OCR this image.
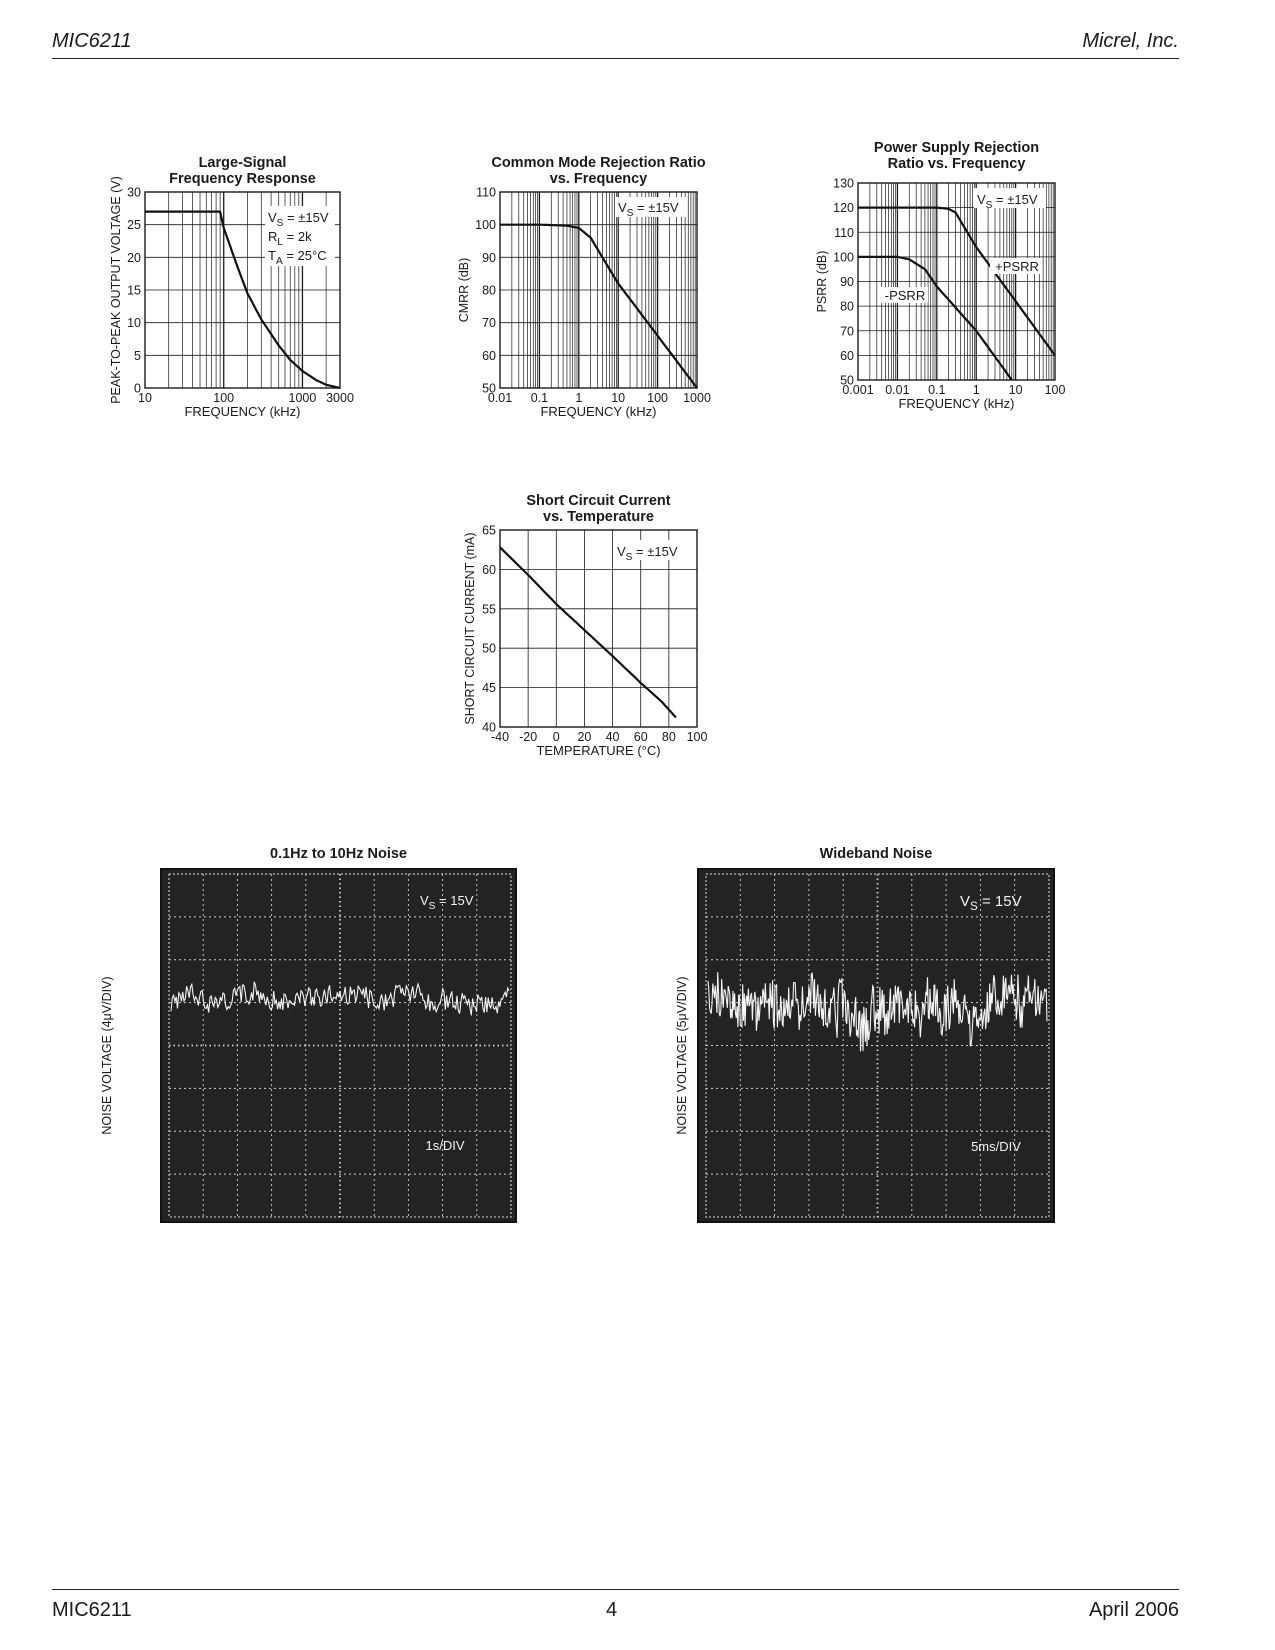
MIC6211	Micrel, Inc.
Large-Signal
Frequency Response
0
5
10
15
20
25
30
10	100	1000 3000
FREQUENCY (kHz)
PEAK-TO-PEAK OUTPUT VOLTAGE (V)	$V_S = \pm 15V$
$R_L = 2k$
$T_A = 25^\circ C$
Common Mode Rejection Ratio
vs. Frequency
50
60
70
80
90
100
110
0.01 0.1 1 10 100 1000
FREQUENCY (kHz)
CMRR (dB)
$V_S = \pm 15V$
Power Supply Rejection
Ratio vs. Frequency
50
60
70
80
90
100
110
120
130
0.001 0.01 0.1 1 10 100
FREQUENCY (kHz)
PSRR (dB)
$V_S = \pm 15V$
+PSRR
-PSRR
Short Circuit Current
vs. Temperature
40
45
50
55
60
65
-40 -20 0 20 40 60 80 100
TEMPERATURE (°C)
SHORT CIRCUIT CURRENT (mA)	$V_S = \pm 15V$
0.1Hz to 10Hz Noise
$V_S = 15V$
1s/DIV
NOISE VOLTAGE (4μV/DIV)
Wideband Noise
$V_S = 15V$
5ms/DIV
NOISE VOLTAGE (5μV/DIV)
MIC6211	4	April 2006
